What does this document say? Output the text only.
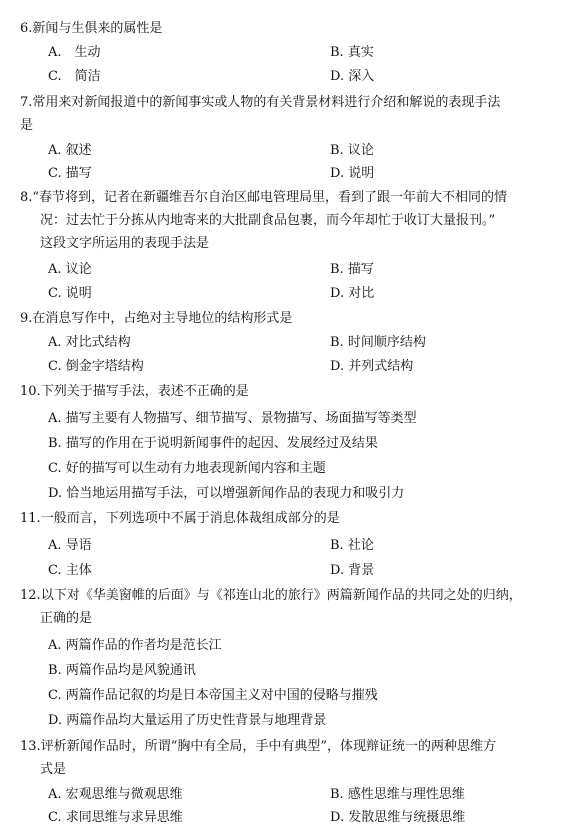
6.新闻与生俱来的属性是
A.　生动	B. 真实
C.　简洁	D. 深入
7.常用来对新闻报道中的新闻事实或人物的有关背景材料进行介绍和解说的表现手法
是
A. 叙述	B. 议论
C. 描写	D. 说明
8.“春节将到，记者在新疆维吾尔自治区邮电管理局里，看到了跟一年前大不相同的情
况：过去忙于分拣从内地寄来的大批副食品包裹，而今年却忙于收订大量报刊。”
这段文字所运用的表现手法是
A. 议论	B. 描写
C. 说明	D. 对比
9.在消息写作中，占绝对主导地位的结构形式是
A. 对比式结构	B. 时间顺序结构
C. 倒金字塔结构	D. 并列式结构
10.下列关于描写手法，表述不正确的是
A. 描写主要有人物描写、细节描写、景物描写、场面描写等类型
B. 描写的作用在于说明新闻事件的起因、发展经过及结果
C. 好的描写可以生动有力地表现新闻内容和主题
D. 恰当地运用描写手法，可以增强新闻作品的表现力和吸引力
11.一般而言，下列选项中不属于消息体裁组成部分的是
A. 导语	B. 社论
C. 主体	D. 背景
12.以下对《华美窗帷的后面》与《祁连山北的旅行》两篇新闻作品的共同之处的归纳，
正确的是
A. 两篇作品的作者均是范长江
B. 两篇作品均是风貌通讯
C. 两篇作品记叙的均是日本帝国主义对中国的侵略与摧残
D. 两篇作品均大量运用了历史性背景与地理背景
13.评析新闻作品时，所谓“胸中有全局，手中有典型”，体现辩证统一的两种思维方
式是
A. 宏观思维与微观思维	B. 感性思维与理性思维
C. 求同思维与求异思维	D. 发散思维与统摄思维
